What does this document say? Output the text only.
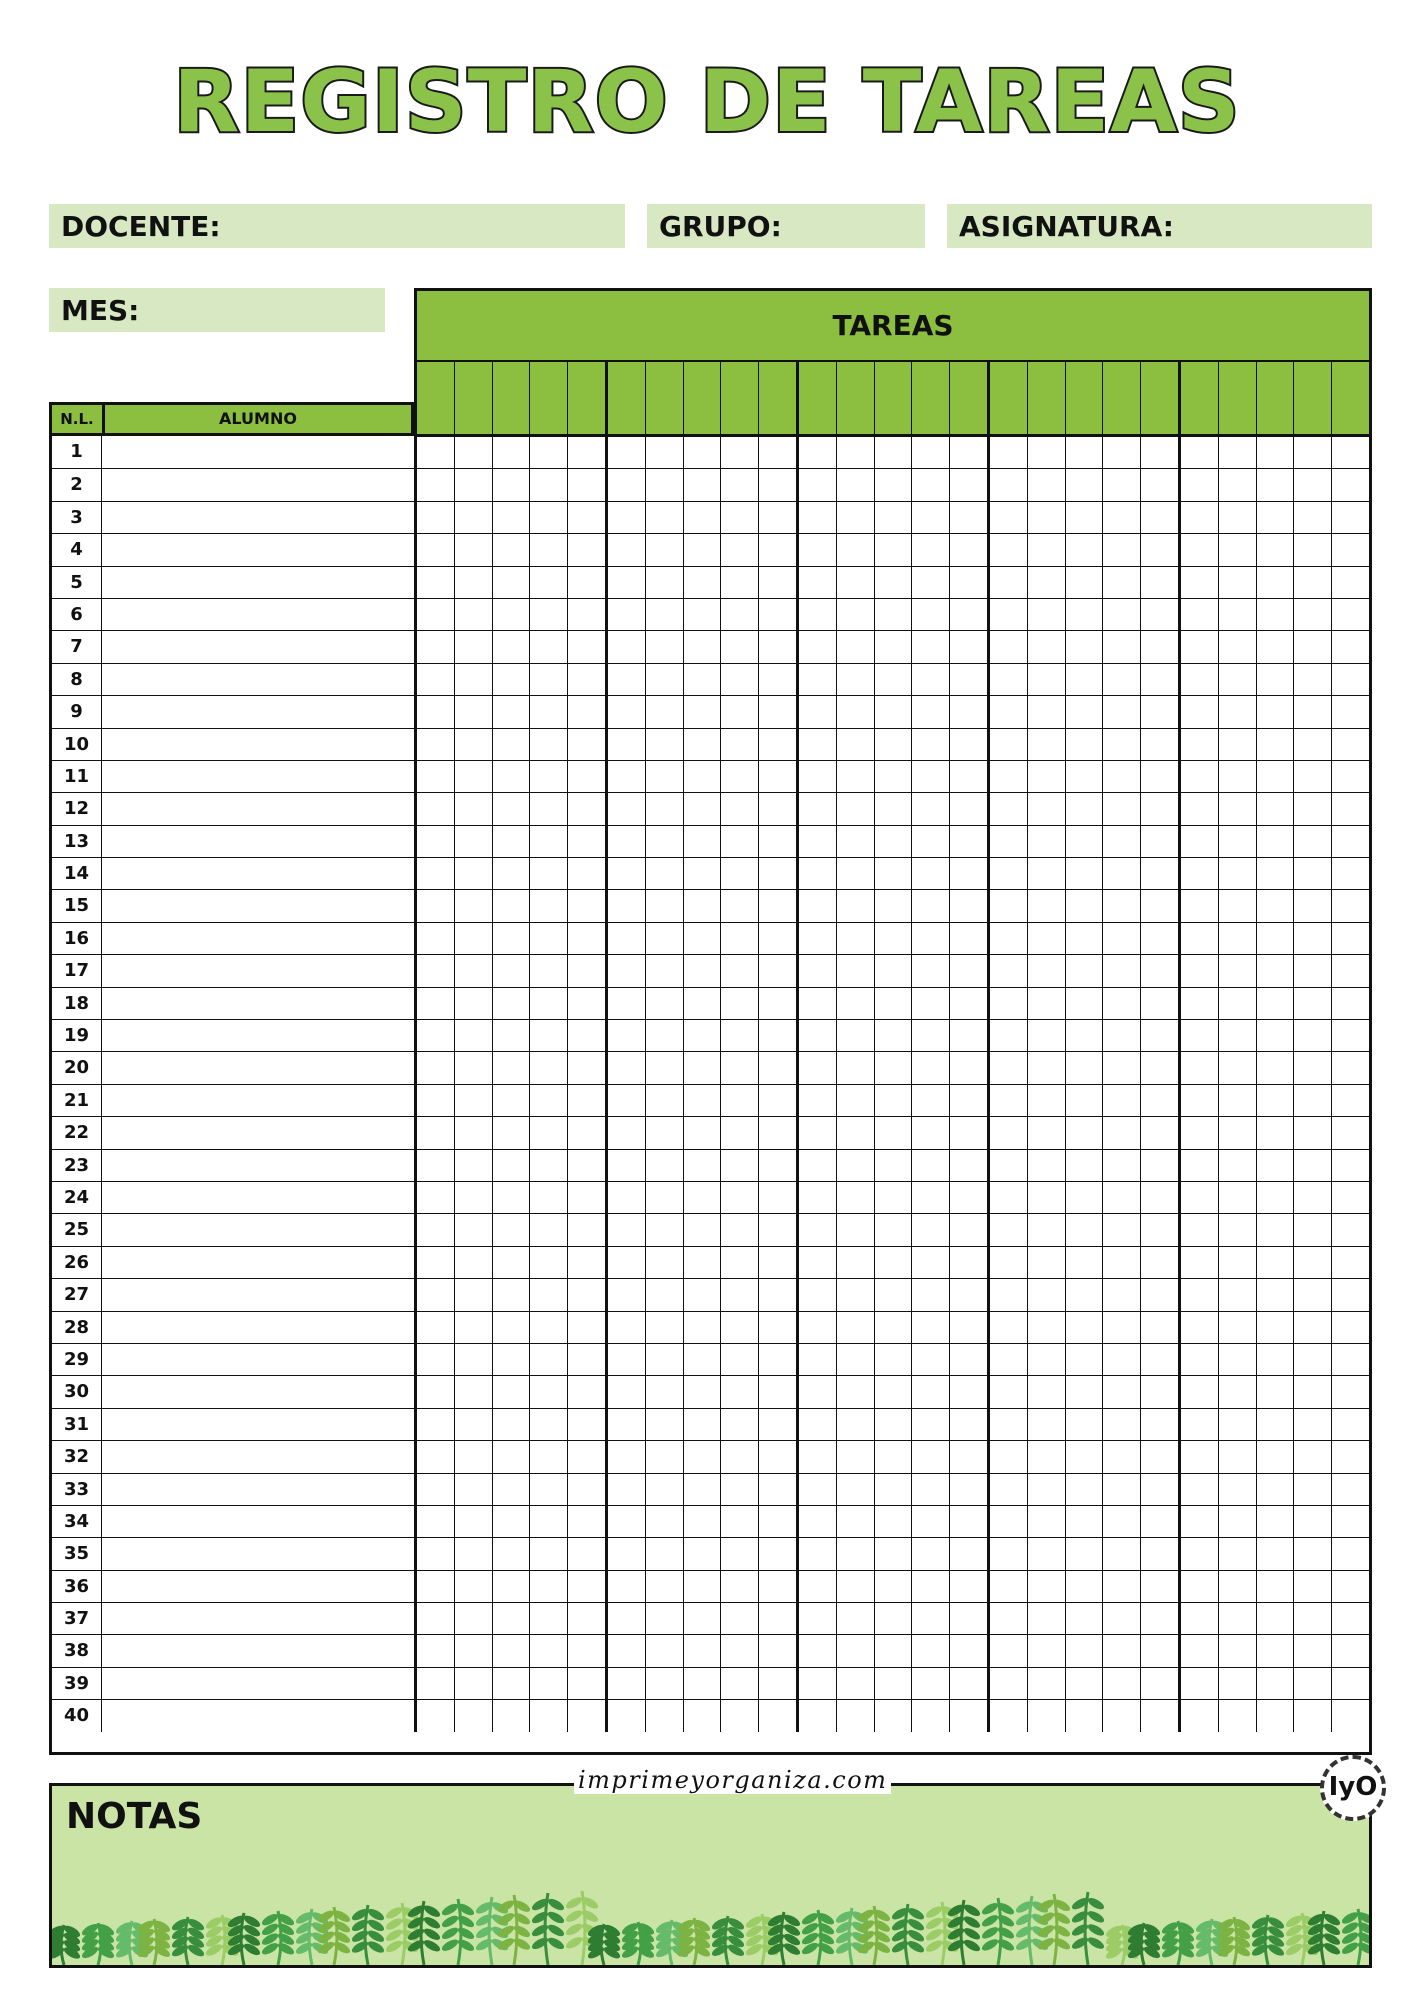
REGISTRO DE TAREAS
DOCENTE:	GRUPO:	ASIGNATURA:
MES:	TAREAS
N.L.	ALUMNO
1
2
3
4
5
6
7
8
9
10
11
12
13
14
15
16
17
18
19
20
21
22
23
24
25
26
27
28
29
30
31
32
33
34
35
36
37
38
39
40
NOTAS
imprimeyorganiza.com	IyO
